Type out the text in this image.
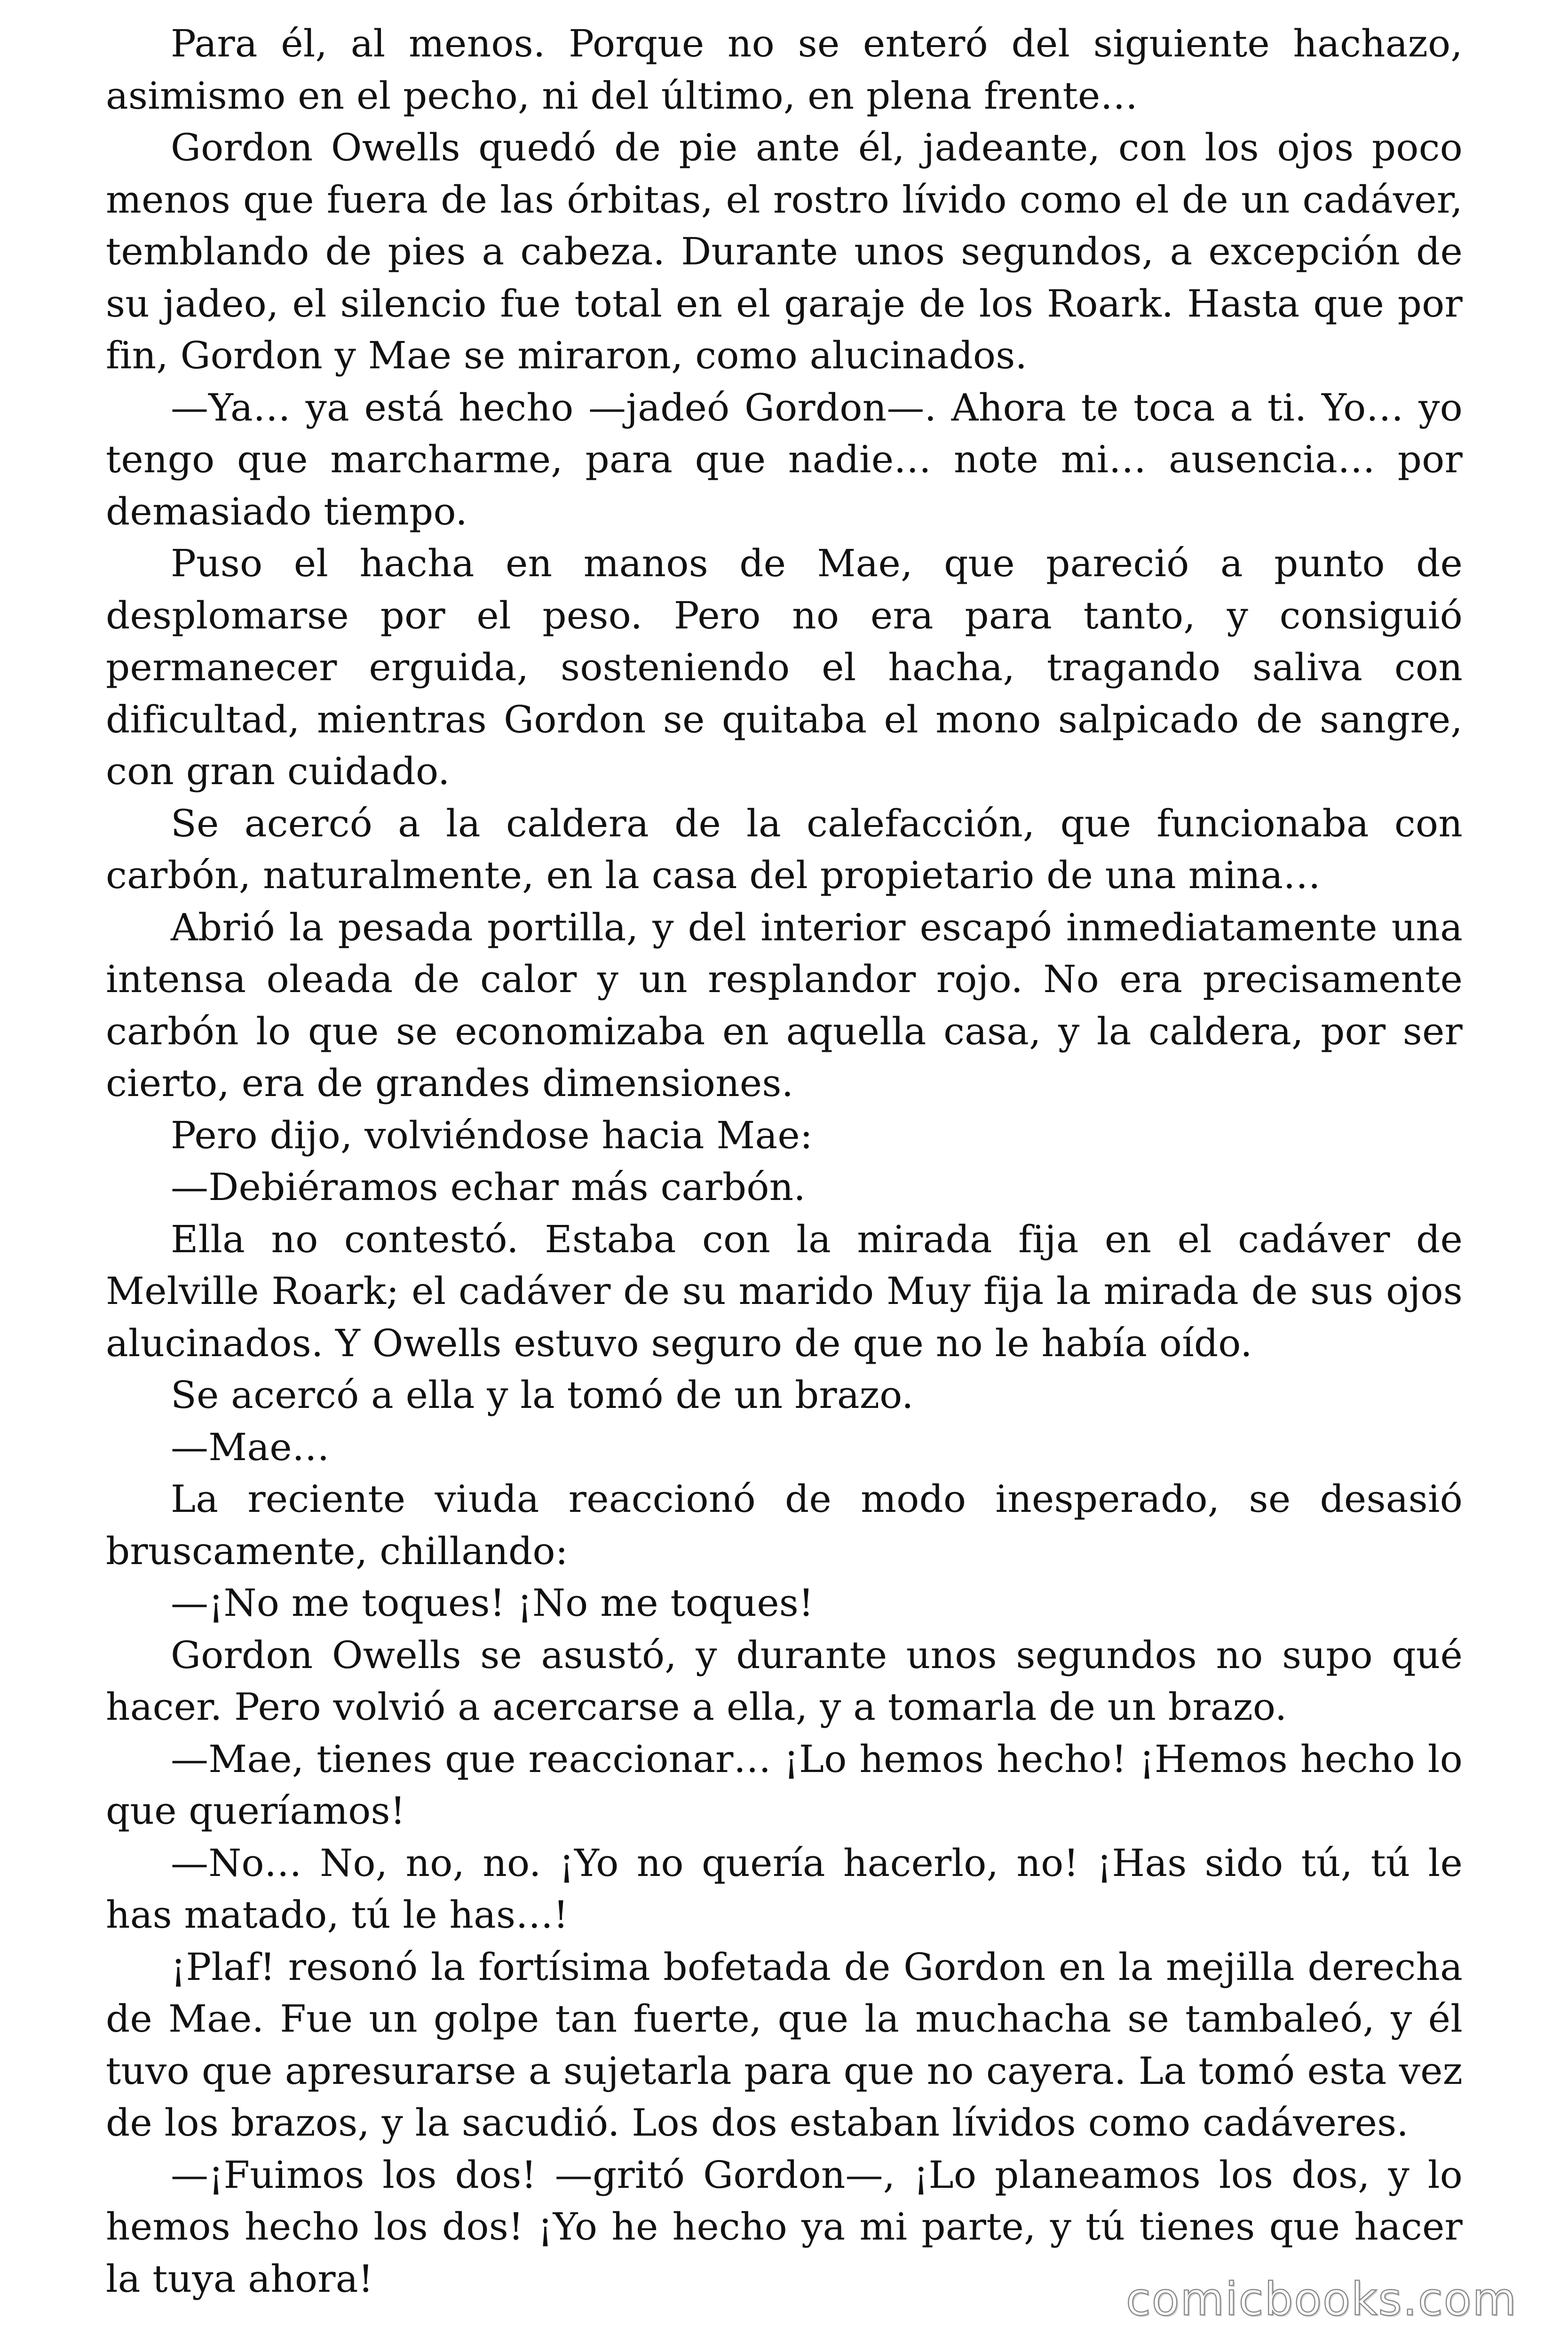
Para él, al menos. Porque no se enteró del siguiente hachazo, asimismo en el pecho, ni del último, en plena frente…

Gordon Owells quedó de pie ante él, jadeante, con los ojos poco menos que fuera de las órbitas, el rostro lívido como el de un cadáver, temblando de pies a cabeza. Durante unos segundos, a excepción de su jadeo, el silencio fue total en el garaje de los Roark. Hasta que por fin, Gordon y Mae se miraron, como alucinados.

—Ya… ya está hecho —jadeó Gordon—. Ahora te toca a ti. Yo… yo tengo que marcharme, para que nadie… note mi… ausencia… por demasiado tiempo.

Puso el hacha en manos de Mae, que pareció a punto de desplomarse por el peso. Pero no era para tanto, y consiguió permanecer erguida, sosteniendo el hacha, tragando saliva con dificultad, mientras Gordon se quitaba el mono salpicado de sangre, con gran cuidado.

Se acercó a la caldera de la calefacción, que funcionaba con carbón, naturalmente, en la casa del propietario de una mina…

Abrió la pesada portilla, y del interior escapó inmediatamente una intensa oleada de calor y un resplandor rojo. No era precisamente carbón lo que se economizaba en aquella casa, y la caldera, por ser cierto, era de grandes dimensiones.

Pero dijo, volviéndose hacia Mae:

—Debiéramos echar más carbón.

Ella no contestó. Estaba con la mirada fija en el cadáver de Melville Roark; el cadáver de su marido Muy fija la mirada de sus ojos alucinados. Y Owells estuvo seguro de que no le había oído.

Se acercó a ella y la tomó de un brazo.

—Mae…

La reciente viuda reaccionó de modo inesperado, se desasió bruscamente, chillando:

—¡No me toques! ¡No me toques!

Gordon Owells se asustó, y durante unos segundos no supo qué hacer. Pero volvió a acercarse a ella, y a tomarla de un brazo.

—Mae, tienes que reaccionar… ¡Lo hemos hecho! ¡Hemos hecho lo que queríamos!

—No… No, no, no. ¡Yo no quería hacerlo, no! ¡Has sido tú, tú le has matado, tú le has…!

¡Plaf! resonó la fortísima bofetada de Gordon en la mejilla derecha de Mae. Fue un golpe tan fuerte, que la muchacha se tambaleó, y él tuvo que apresurarse a sujetarla para que no cayera. La tomó esta vez de los brazos, y la sacudió. Los dos estaban lívidos como cadáveres.

—¡Fuimos los dos! —gritó Gordon—, ¡Lo planeamos los dos, y lo hemos hecho los dos! ¡Yo he hecho ya mi parte, y tú tienes que hacer la tuya ahora!	comicbooks.com
